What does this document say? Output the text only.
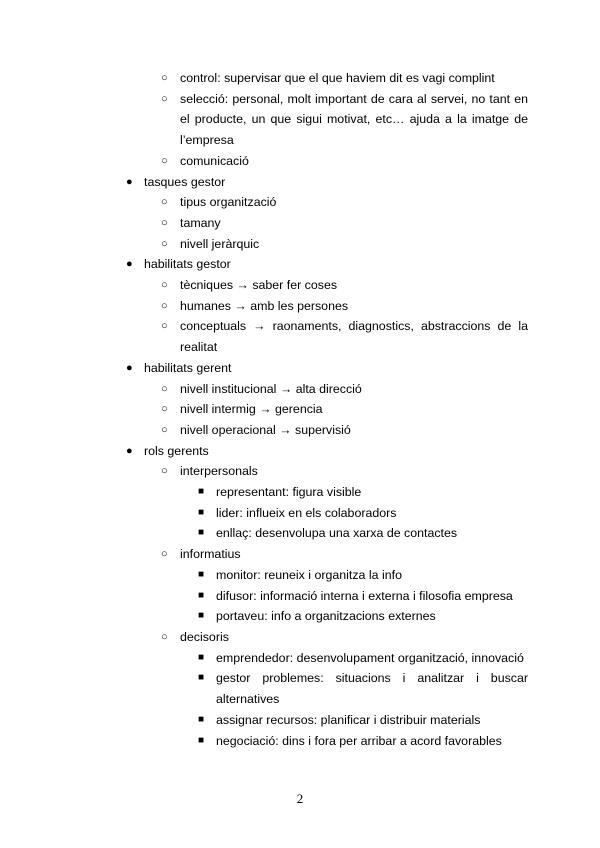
○ control: supervisar que el que haviem dit es vagi complint
○ selecció: personal, molt important de cara al servei, no tant en el producte, un que sigui motivat, etc… ajuda a la imatge de l’empresa
○ comunicació
● tasques gestor
○ tipus organització
○ tamany
○ nivell jeràrquic
● habilitats gestor
○ tècniques → saber fer coses
○ humanes → amb les persones
○ conceptuals → raonaments, diagnostics, abstraccions de la realitat
● habilitats gerent
○ nivell institucional → alta direcció
○ nivell intermig → gerencia
○ nivell operacional → supervisió
● rols gerents
○ interpersonals
■ representant: figura visible
■ lider: influeix en els colaboradors
■ enllaç: desenvolupa una xarxa de contactes
○ informatius
■ monitor: reuneix i organitza la info
■ difusor: informació interna i externa i filosofia empresa
■ portaveu: info a organitzacions externes
○ decisoris
■ emprendedor: desenvolupament organització, innovació
■ gestor problemes: situacions i analitzar i buscar alternatives
■ assignar recursos: planificar i distribuir materials
■ negociació: dins i fora per arribar a acord favorables
2
